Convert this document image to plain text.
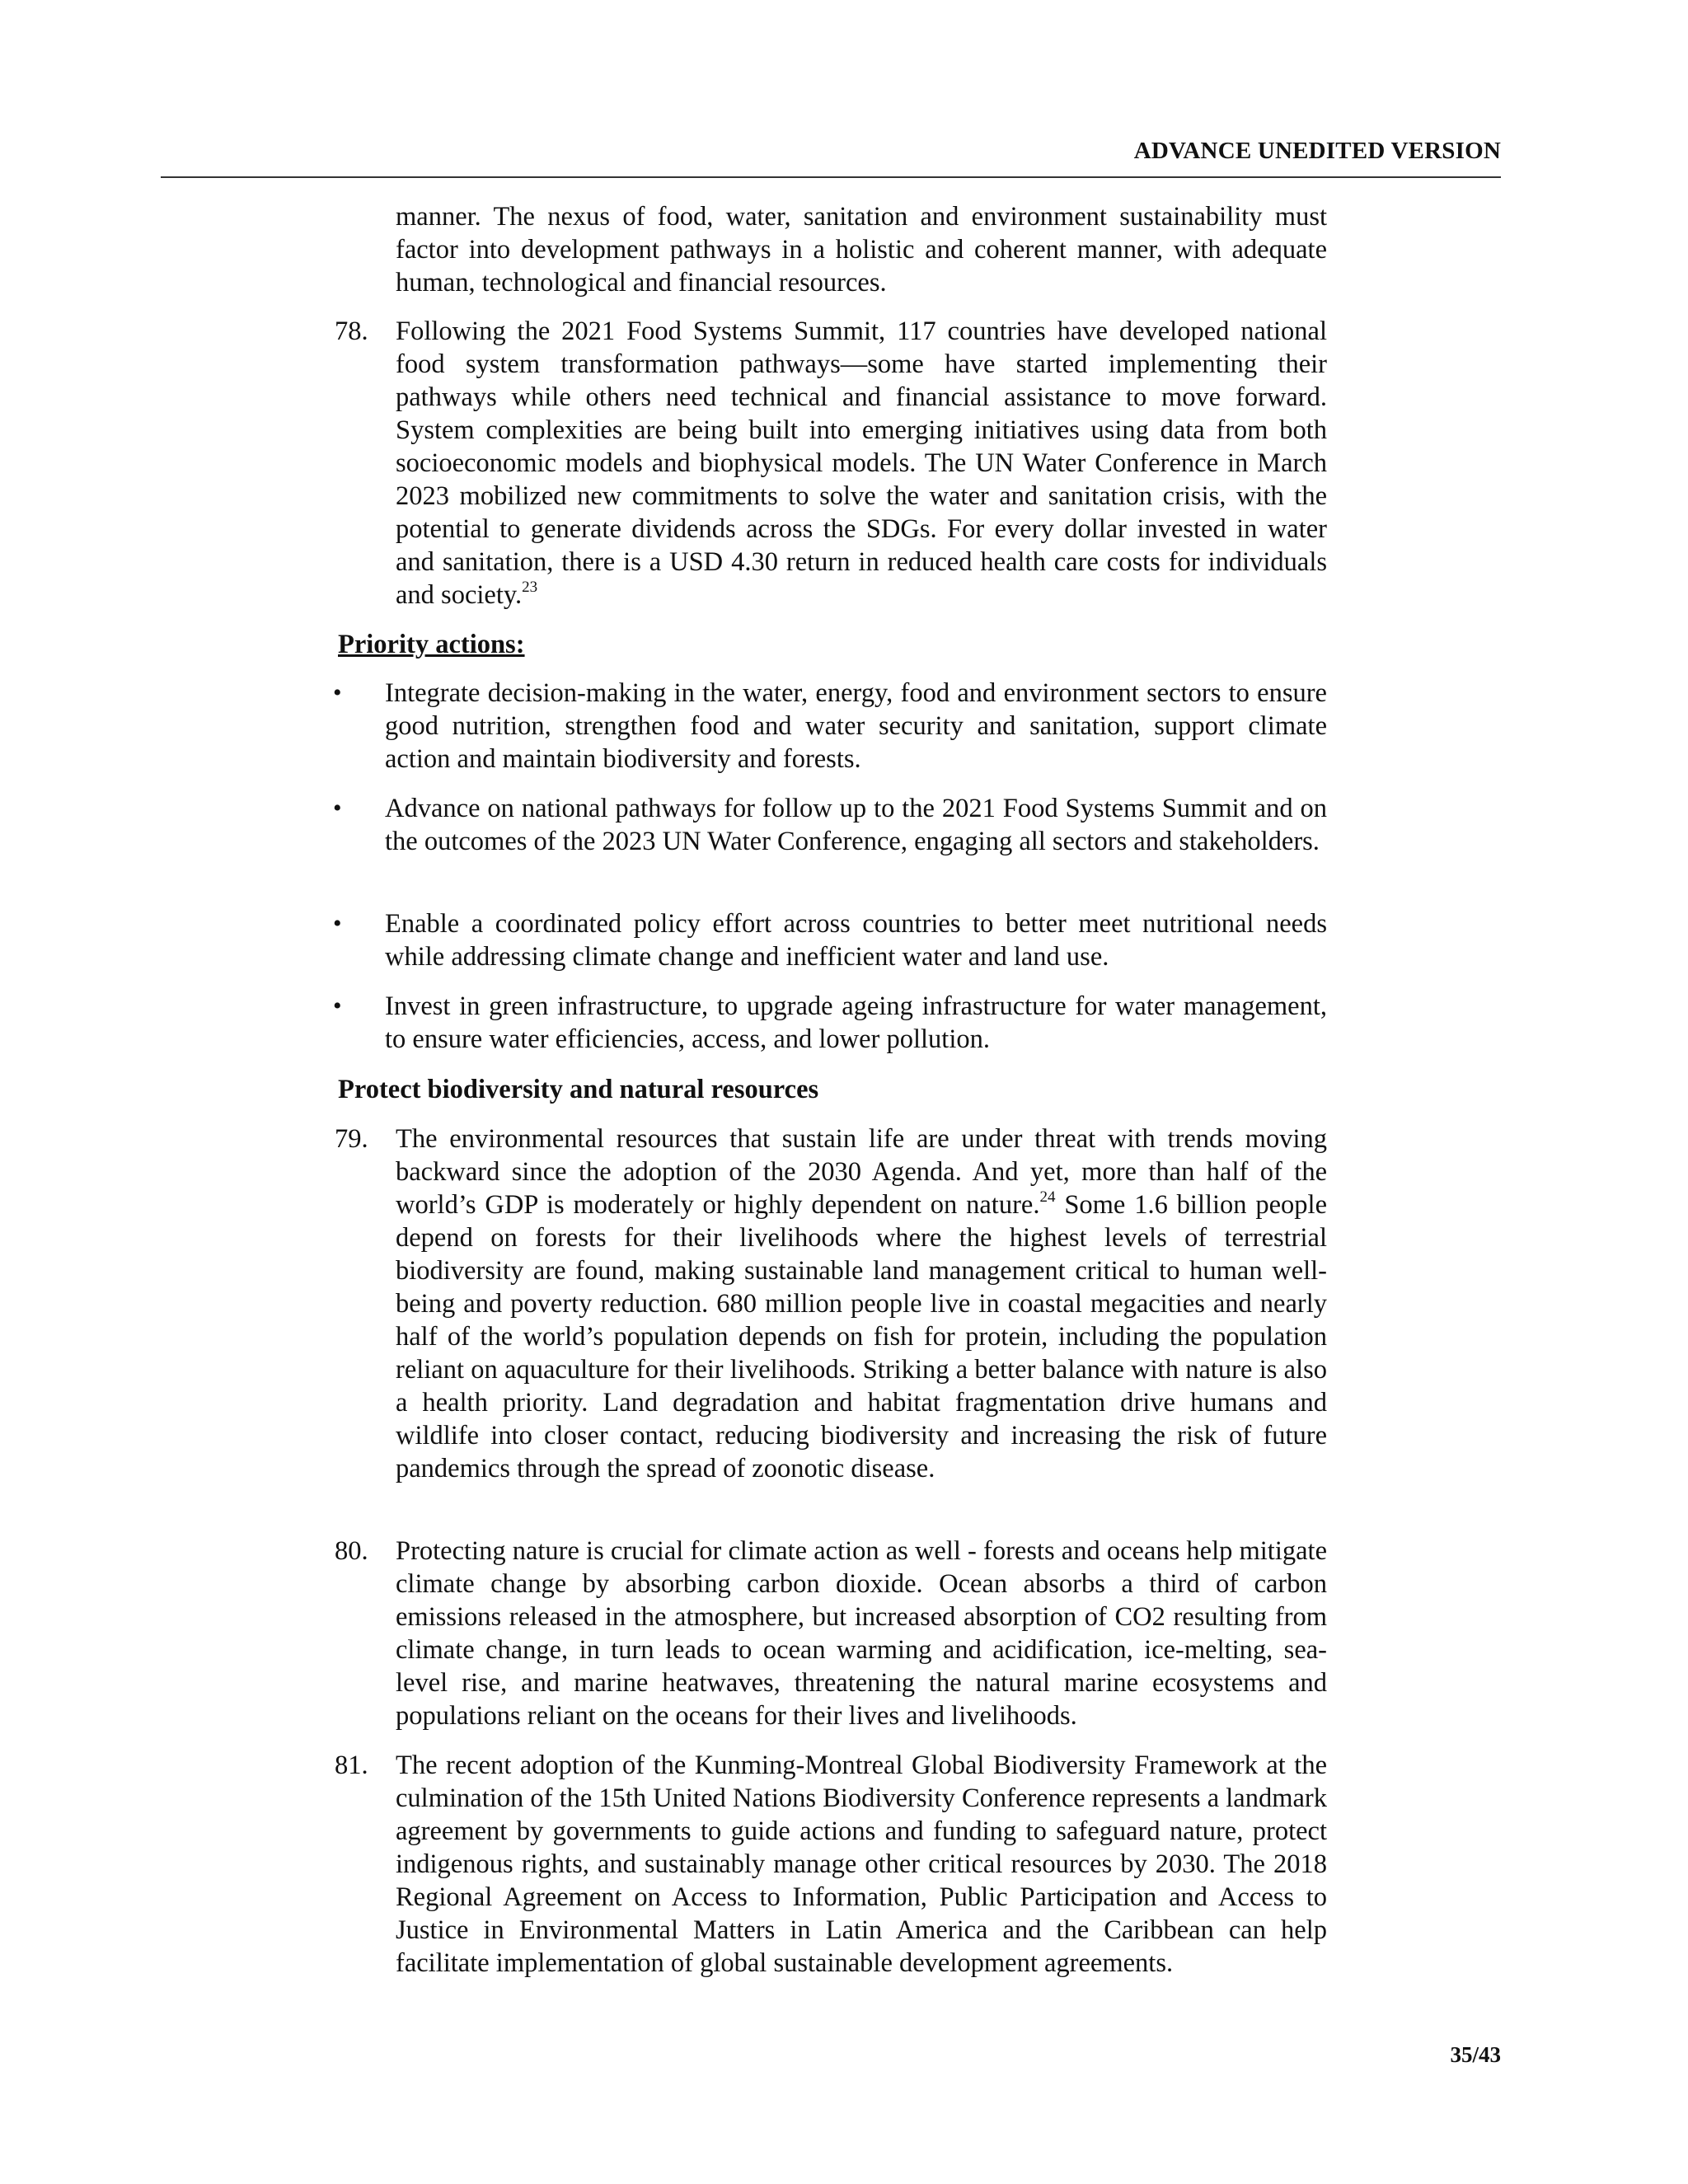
ADVANCE UNEDITED VERSION
manner. The nexus of food, water, sanitation and environment sustainability must factor into development pathways in a holistic and coherent manner, with adequate human, technological and financial resources.
78. Following the 2021 Food Systems Summit, 117 countries have developed national food system transformation pathways—some have started implementing their pathways while others need technical and financial assistance to move forward. System complexities are being built into emerging initiatives using data from both socioeconomic models and biophysical models. The UN Water Conference in March 2023 mobilized new commitments to solve the water and sanitation crisis, with the potential to generate dividends across the SDGs. For every dollar invested in water and sanitation, there is a USD 4.30 return in reduced health care costs for individuals and society.$^{23}$
Priority actions:
• Integrate decision-making in the water, energy, food and environment sectors to ensure good nutrition, strengthen food and water security and sanitation, support climate action and maintain biodiversity and forests.
• Advance on national pathways for follow up to the 2021 Food Systems Summit and on the outcomes of the 2023 UN Water Conference, engaging all sectors and stakeholders.
• Enable a coordinated policy effort across countries to better meet nutritional needs while addressing climate change and inefficient water and land use.
• Invest in green infrastructure, to upgrade ageing infrastructure for water management, to ensure water efficiencies, access, and lower pollution.
Protect biodiversity and natural resources
79. The environmental resources that sustain life are under threat with trends moving backward since the adoption of the 2030 Agenda. And yet, more than half of the world’s GDP is moderately or highly dependent on nature.$^{24}$ Some 1.6 billion people depend on forests for their livelihoods where the highest levels of terrestrial biodiversity are found, making sustainable land management critical to human well-being and poverty reduction. 680 million people live in coastal megacities and nearly half of the world’s population depends on fish for protein, including the population reliant on aquaculture for their livelihoods. Striking a better balance with nature is also a health priority. Land degradation and habitat fragmentation drive humans and wildlife into closer contact, reducing biodiversity and increasing the risk of future pandemics through the spread of zoonotic disease.
80. Protecting nature is crucial for climate action as well - forests and oceans help mitigate climate change by absorbing carbon dioxide. Ocean absorbs a third of carbon emissions released in the atmosphere, but increased absorption of CO2 resulting from climate change, in turn leads to ocean warming and acidification, ice-melting, sea-level rise, and marine heatwaves, threatening the natural marine ecosystems and populations reliant on the oceans for their lives and livelihoods.
81. The recent adoption of the Kunming-Montreal Global Biodiversity Framework at the culmination of the 15th United Nations Biodiversity Conference represents a landmark agreement by governments to guide actions and funding to safeguard nature, protect indigenous rights, and sustainably manage other critical resources by 2030. The 2018 Regional Agreement on Access to Information, Public Participation and Access to Justice in Environmental Matters in Latin America and the Caribbean can help facilitate implementation of global sustainable development agreements.
35/43
